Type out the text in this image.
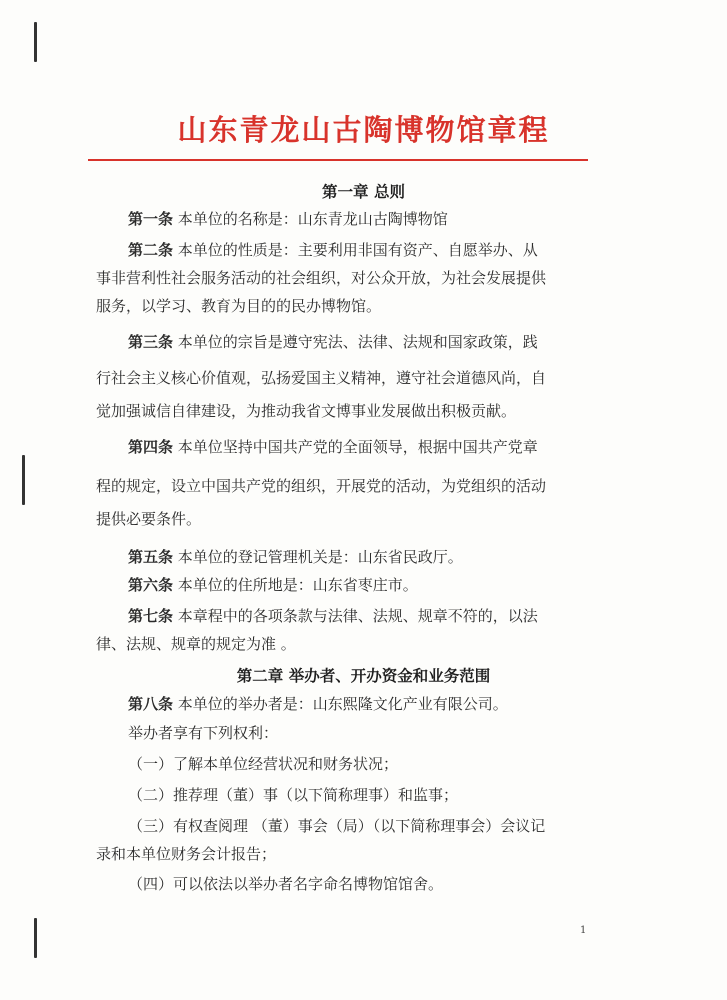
山东青龙山古陶博物馆章程
第一章 总则
第一条 本单位的名称是：山东青龙山古陶博物馆
第二条 本单位的性质是：主要利用非国有资产、自愿举办、从
事非营利性社会服务活动的社会组织，对公众开放，为社会发展提供
服务，以学习、教育为目的的民办博物馆。
第三条 本单位的宗旨是遵守宪法、法律、法规和国家政策，践
行社会主义核心价值观，弘扬爱国主义精神，遵守社会道德风尚，自
觉加强诚信自律建设，为推动我省文博事业发展做出积极贡献。
第四条 本单位坚持中国共产党的全面领导，根据中国共产党章
程的规定，设立中国共产党的组织，开展党的活动，为党组织的活动
提供必要条件。
第五条 本单位的登记管理机关是：山东省民政厅。
第六条 本单位的住所地是：山东省枣庄市。
第七条 本章程中的各项条款与法律、法规、规章不符的，以法
律、法规、规章的规定为准 。
第二章 举办者、开办资金和业务范围
第八条 本单位的举办者是：山东熙隆文化产业有限公司。
举办者享有下列权利：
（一）了解本单位经营状况和财务状况；
（二）推荐理（董）事（以下简称理事）和监事；
（三）有权查阅理 （董）事会（局）（以下简称理事会）会议记
录和本单位财务会计报告；
（四）可以依法以举办者名字命名博物馆馆舍。
1
